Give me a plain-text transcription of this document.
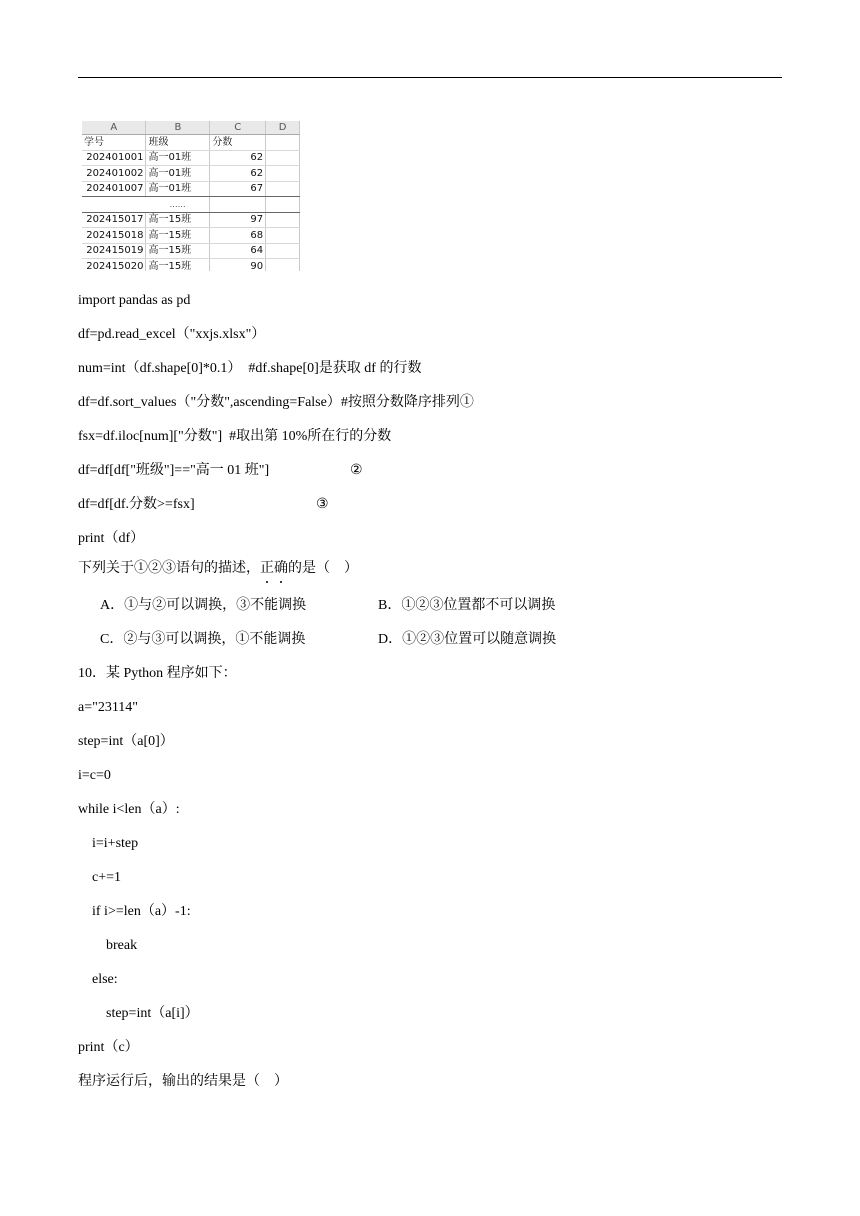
A	B	C	D
学号	班级	分数	
202401001	高一01班	62	
202401002	高一01班	62	
202401007	高一01班	67	
	……		
202415017	高一15班	97	
202415018	高一15班	68	
202415019	高一15班	64	
202415020	高一15班	90	
import pandas as pd
df=pd.read_excel（"xxjs.xlsx"）
num=int（df.shape[0]*0.1）  #df.shape[0]是获取 df 的行数
df=df.sort_values（"分数",ascending=False）#按照分数降序排列①
fsx=df.iloc[num]["分数"]  #取出第 10%所在行的分数
df=df[df["班级"]=="高一 01 班"]	②
df=df[df.分数>=fsx]	③
print（df）
下列关于①②③语句的描述，正确的是（    ）
A．①与②可以调换，③不能调换	B．①②③位置都不可以调换
C．②与③可以调换，①不能调换	D．①②③位置可以随意调换
10．某 Python 程序如下：
a="23114"
step=int（a[0]）
i=c=0
while i<len（a）:
i=i+step
c+=1
if i>=len（a）-1:
break
else:
step=int（a[i]）
print（c）
程序运行后，输出的结果是（    ）
